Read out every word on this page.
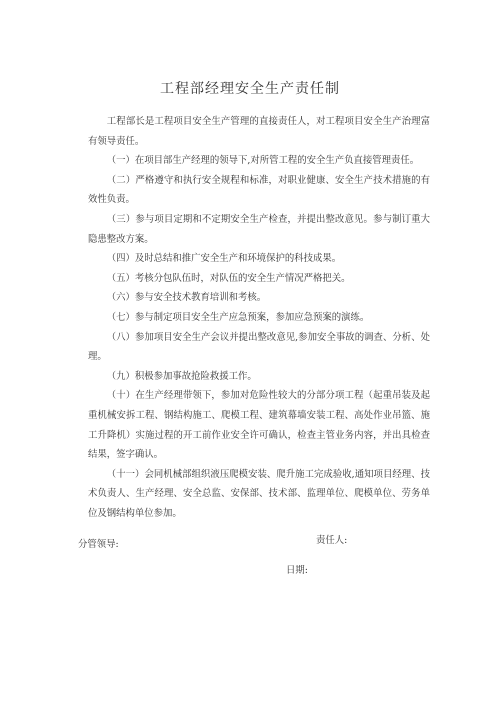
工程部经理安全生产责任制

工程部长是工程项目安全生产管理的直接责任人，对工程项目安全生产治理富有领导责任。

（一）在项目部生产经理的领导下,对所管工程的安全生产负直接管理责任。

（二）严格遵守和执行安全规程和标准，对职业健康、安全生产技术措施的有效性负责。

（三）参与项目定期和不定期安全生产检查，并提出整改意见。参与制订重大隐患整改方案。

（四）及时总结和推广安全生产和环境保护的科技成果。

（五）考核分包队伍时，对队伍的安全生产情况严格把关。

（六）参与安全技术教育培训和考核。

（七）参与制定项目安全生产应急预案，参加应急预案的演练。

（八）参加项目安全生产会议并提出整改意见,参加安全事故的调查、分析、处理。

（九）积极参加事故抢险救援工作。

（十）在生产经理带领下，参加对危险性较大的分部分项工程（起重吊装及起重机械安拆工程、钢结构施工、爬模工程、建筑幕墙安装工程、高处作业吊篮、施工升降机）实施过程的开工前作业安全许可确认，检查主管业务内容，并出具检查结果，签字确认。

（十一）会同机械部组织液压爬模安装、爬升施工完成验收,通知项目经理、技术负责人、生产经理、安全总监、安保部、技术部、监理单位、爬模单位、劳务单位及钢结构单位参加。

分管领导:	责任人:
日期:
